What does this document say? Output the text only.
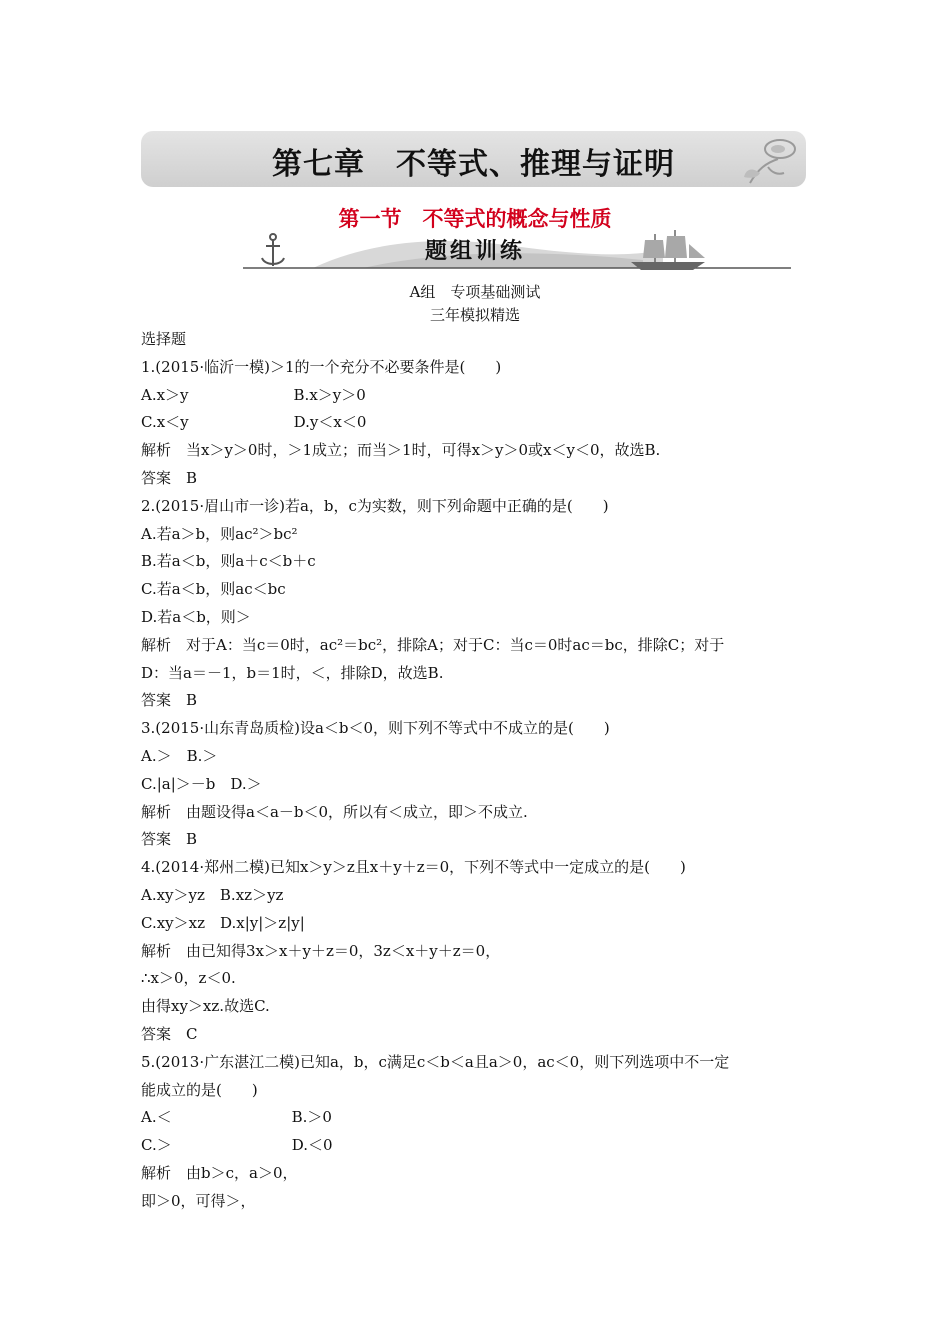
第七章　不等式、推理与证明
第一节　不等式的概念与性质
题组训练
A组　专项基础测试
三年模拟精选

选择题

1.(2015·临沂一模)＞1的一个充分不必要条件是(　　)

A.x＞y　　　　　　　B.x＞y＞0

C.x＜y　　　　　　　D.y＜x＜0

解析　当x＞y＞0时，＞1成立；而当＞1时，可得x＞y＞0或x＜y＜0，故选B.

答案　B

2.(2015·眉山市一诊)若a，b，c为实数，则下列命题中正确的是(　　)

A.若a＞b，则ac²＞bc²

B.若a＜b，则a＋c＜b＋c

C.若a＜b，则ac＜bc

D.若a＜b，则＞

解析　对于A：当c＝0时，ac²＝bc²，排除A；对于C：当c＝0时ac＝bc，排除C；对于

D：当a＝－1，b＝1时，＜，排除D，故选B.

答案　B

3.(2015·山东青岛质检)设a＜b＜0，则下列不等式中不成立的是(　　)

A.＞　B.＞

C.|a|＞－b　D.＞

解析　由题设得a＜a－b＜0，所以有＜成立，即＞不成立.

答案　B

4.(2014·郑州二模)已知x＞y＞z且x＋y＋z＝0，下列不等式中一定成立的是(　　)

A.xy＞yz　B.xz＞yz

C.xy＞xz　D.x|y|＞z|y|

解析　由已知得3x＞x＋y＋z＝0，3z＜x＋y＋z＝0，

∴x＞0，z＜0.

由得xy＞xz.故选C.

答案　C

5.(2013·广东湛江二模)已知a，b，c满足c＜b＜a且a＞0，ac＜0，则下列选项中不一定

能成立的是(　　)

A.＜　　　　　　　　B.＞0

C.＞　　　　　　　　D.＜0

解析　由b＞c，a＞0，

即＞0，可得＞，
